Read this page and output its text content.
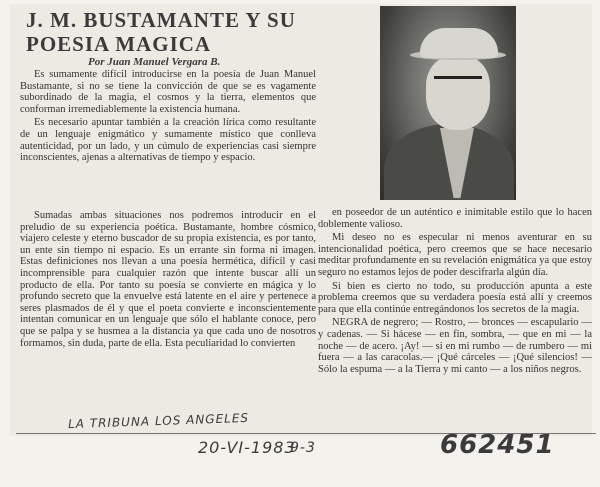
J. M. BUSTAMANTE Y SU
POESIA MAGICA
Por Juan Manuel Vergara B.

Es sumamente difícil introducirse en la poesía de Juan Manuel Bustamante, si no se tiene la convicción de que se es vagamente subordinado de la magia, el cosmos y la tierra, elementos que conforman irremediablemente la existencia humana.

Es necesario apuntar también a la creación lírica como resultante de un lenguaje enigmático y sumamente místico que conlleva autenticidad, por un lado, y un cúmulo de experiencias casi siempre inconscientes, ajenas a alternativas de tiempo y espacio.

Sumadas ambas situaciones nos podremos introducir en el preludio de su experiencia poética. Bustamante, hombre cósmico, viajero celeste y eterno buscador de su propia existencia, es por tanto, un ente sin tiempo ni espacio. Es un errante sin forma ni imagen. Estas definiciones nos llevan a una poesía hermética, difícil y casi incomprensible para cualquier razón que intente buscar allí un producto de ella. Por tanto su poesía se convierte en mágica y lo profundo secreto que la envuelve está latente en el aire y pertenece a seres plasmados de él y que el poeta convierte e inconscientemente intentan comunicar en un lenguaje que sólo el hablante conoce, pero que se palpa y se husmea a la distancia ya que cada uno de nosotros formamos, sin duda, parte de ella. Esta peculiaridad lo convierten

en poseedor de un auténtico e inimitable estilo que lo hacen doblemente valioso.

Mi deseo no es especular ni menos aventurar en su intencionalidad poética, pero creemos que se hace necesario meditar profundamente en su revelación enigmática ya que estoy seguro no estamos lejos de poder descifrarla algún día.

Si bien es cierto no todo, su producción apunta a este problema creemos que su verdadera poesía está allí y creemos para que ella continúe entregándonos los secretos de la magia.

NEGRA de negrero; — Rostro, — bronces — escapulario — y cadenas. — Si hácese — en fin, sombra, — que en mi — la noche — de acero. ¡Ay! — si en mi rumbo — de rumbero — mi fuera — a las caracolas.— ¡Qué cárceles — ¡Qué silencios! — Sólo la espuma — a la Tierra y mi canto — a los niños negros.

LA TRIBUNA LOS ANGELES
20-VI-1983
9-3	662451
